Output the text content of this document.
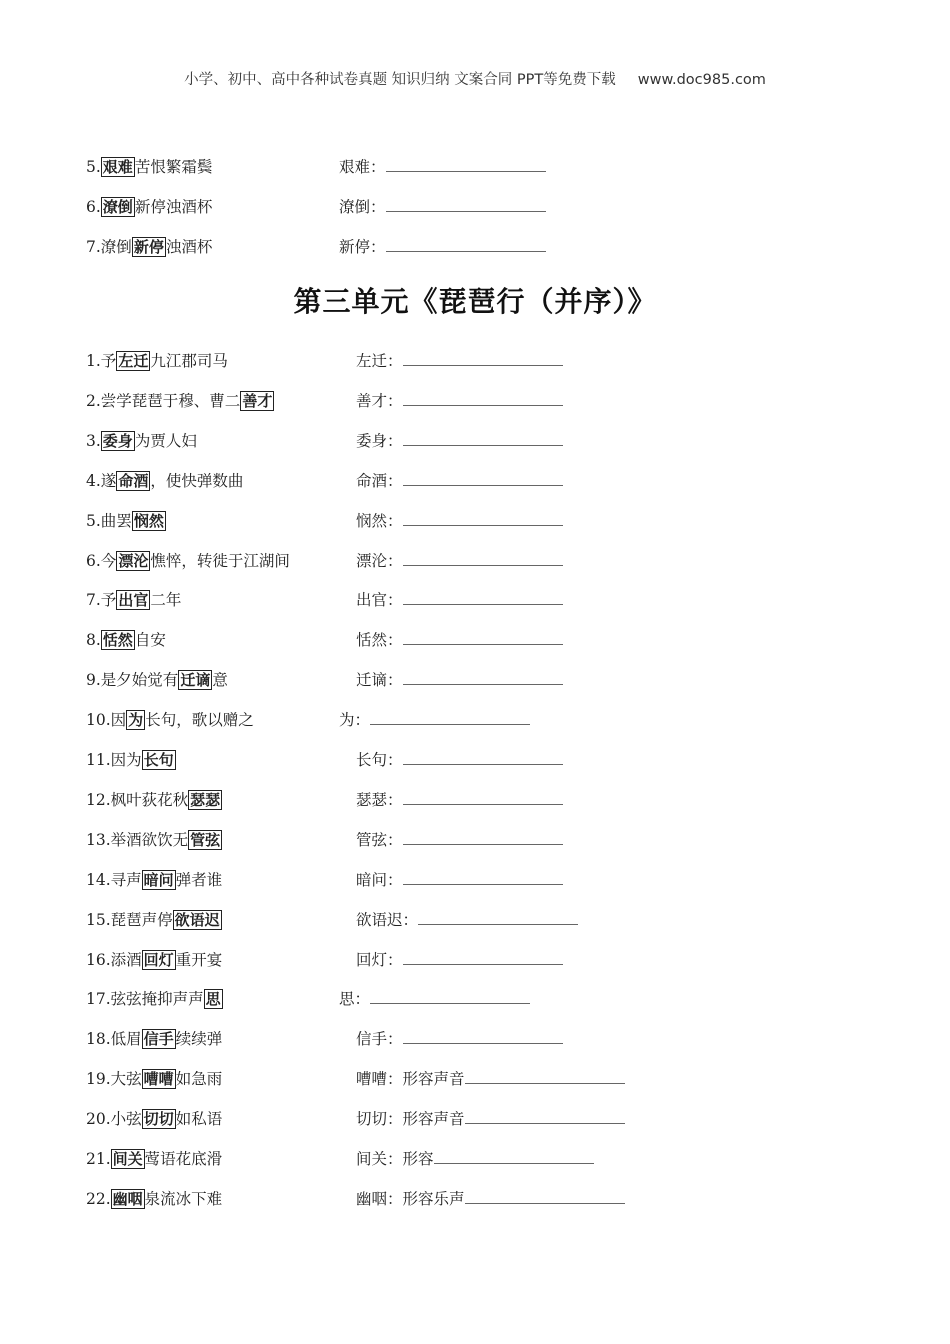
小学、初中、高中各种试卷真题 知识归纳 文案合同 PPT等免费下载 www.doc985.com
5. 艰难 苦恨繁霜鬓	艰难：
6. 潦倒 新停浊酒杯	潦倒：
7.潦倒 新停 浊酒杯	新停：
第三单元《琵琶行（并序）》
1.予 左迁 九江郡司马	左迁：
2.尝学琵琶于穆、曹二 善才	善才：
3. 委身 为贾人妇	委身：
4.遂 命酒 ，使快弹数曲	命酒：
5.曲罢 悯然	悯然：
6.今 漂沦 憔悴，转徙于江湖间	漂沦：
7.予 出官 二年	出官：
8. 恬然 自安	恬然：
9.是夕始觉有 迁谪 意	迁谪：
10.因 为 长句，歌以赠之	为：
11.因为 长句	长句：
12.枫叶荻花秋 瑟瑟	瑟瑟：
13.举酒欲饮无 管弦	管弦：
14.寻声 暗问 弹者谁	暗问：
15.琵琶声停 欲语迟	欲语迟：
16.添酒 回灯 重开宴	回灯：
17.弦弦掩抑声声 思	思：
18.低眉 信手 续续弹	信手：
19.大弦 嘈嘈 如急雨	嘈嘈：形容声音
20.小弦 切切 如私语	切切：形容声音
21. 间关 莺语花底滑	间关：形容
22. 幽咽 泉流冰下难	幽咽：形容乐声
